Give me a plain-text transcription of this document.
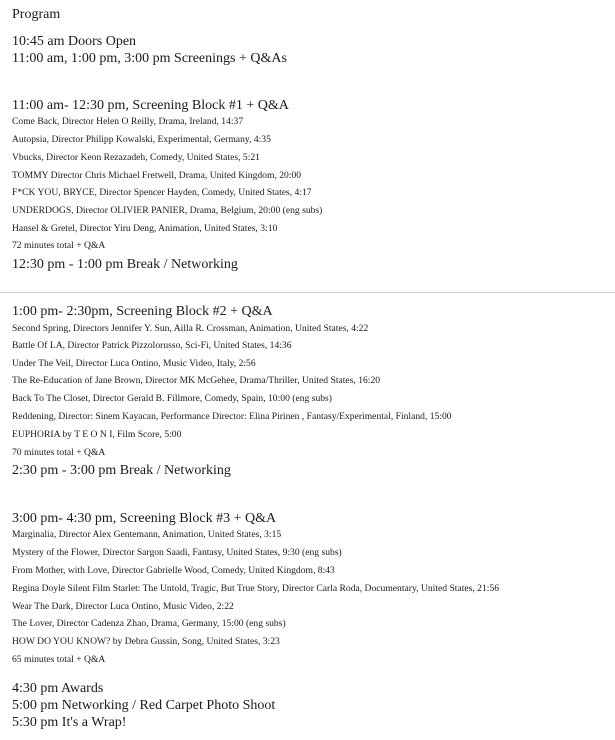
Program
10:45 am Doors Open
11:00 am, 1:00 pm, 3:00 pm Screenings + Q&As
11:00 am- 12:30 pm, Screening Block #1 + Q&A
Come Back, Director Helen O Reilly, Drama, Ireland, 14:37
Autopsia, Director Philipp Kowalski, Experimental, Germany, 4:35
Vbucks, Director Keon Rezazadeh, Comedy, United States, 5:21
TOMMY Director Chris Michael Fretwell, Drama, United Kingdom, 20:00
F*CK YOU, BRYCE, Director Spencer Hayden, Comedy, United States, 4:17
UNDERDOGS, Director OLIVIER PANIER, Drama, Belgium, 20:00 (eng subs)
Hansel & Gretel, Director Yiru Deng, Animation, United States, 3:10
72 minutes total + Q&A
12:30 pm - 1:00 pm Break / Networking
1:00 pm- 2:30pm, Screening Block #2 + Q&A
Second Spring, Directors Jennifer Y. Sun, Ailla R. Crossman, Animation, United States, 4:22
Battle Of LA, Director Patrick Pizzolorusso, Sci-Fi, United States, 14:36
Under The Veil, Director Luca Ontino, Music Video, Italy, 2:56
The Re-Education of Jane Brown, Director MK McGehee, Drama/Thriller, United States, 16:20
Back To The Closet, Director Gerald B. Fillmore, Comedy, Spain, 10:00 (eng subs)
Reddening, Director: Sinem Kayacan, Performance Director: Elina Pirinen , Fantasy/Experimental, Finland, 15:00
EUPHORIA by T E O N I, Film Score, 5:00
70 minutes total + Q&A
2:30 pm - 3:00 pm Break / Networking
3:00 pm- 4:30 pm, Screening Block #3 + Q&A
Marginalia, Director Alex Gentemann, Animation, United States, 3:15
Mystery of the Flower, Director Sargon Saadi, Fantasy, United States, 9:30 (eng subs)
From Mother, with Love, Director Gabrielle Wood, Comedy, United Kingdom, 8:43
Regina Doyle Silent Film Starlet: The Untold, Tragic, But True Story, Director Carla Roda, Documentary, United States, 21:56
Wear The Dark, Director Luca Ontino, Music Video, 2:22
The Lover, Director Cadenza Zhao, Drama, Germany, 15:00 (eng subs)
HOW DO YOU KNOW? by Debra Gussin, Song, United States, 3:23
65 minutes total + Q&A
4:30 pm Awards
5:00 pm Networking / Red Carpet Photo Shoot
5:30 pm It's a Wrap!
